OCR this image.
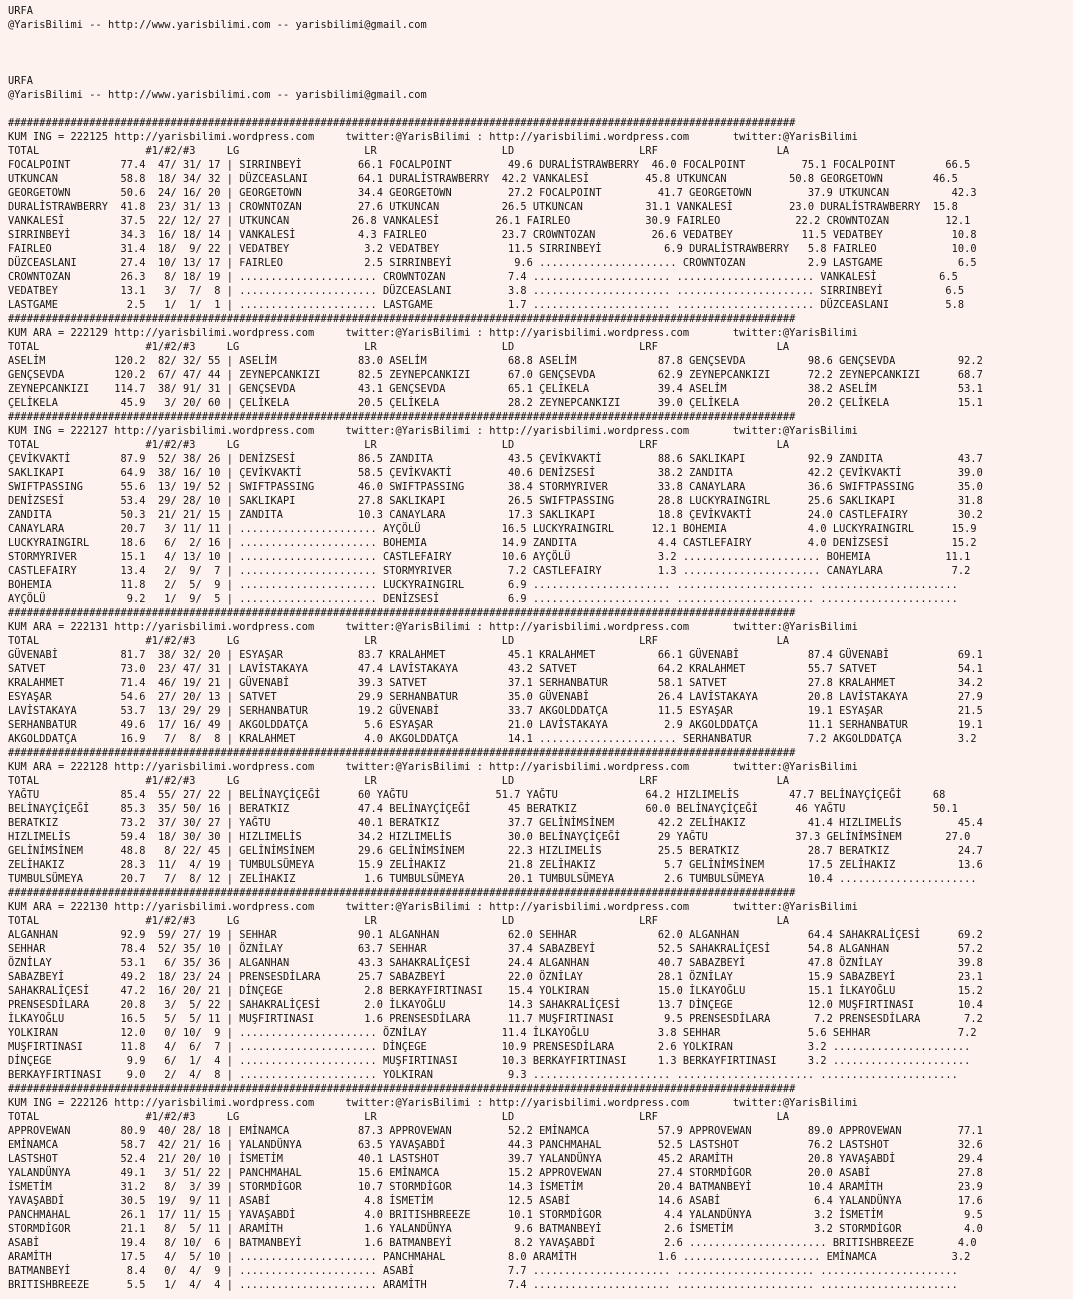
URFA
@YarisBilimi -- http://www.yarisbilimi.com -- yarisbilimi@gmail.com
URFA
@YarisBilimi -- http://www.yarisbilimi.com -- yarisbilimi@gmail.com
##############################################################################################################################
KUM ING = 222125 http://yarisbilimi.wordpress.com     twitter:@YarisBilimi : http://yarisbilimi.wordpress.com       twitter:@YarisBilimi
TOTAL                 #1/#2/#3     LG                    LR                    LD                    LRF                   LA
FOCALPOINT        77.4  47/ 31/ 17 | SIRRINBEYİ         66.1 FOCALPOINT         49.6 DURALİSTRAWBERRY  46.0 FOCALPOINT         75.1 FOCALPOINT        66.5
UTKUNCAN          58.8  18/ 34/ 32 | DÜZCEASLANI        64.1 DURALİSTRAWBERRY  42.2 VANKALESİ         45.8 UTKUNCAN          50.8 GEORGETOWN        46.5
GEORGETOWN        50.6  24/ 16/ 20 | GEORGETOWN         34.4 GEORGETOWN         27.2 FOCALPOINT         41.7 GEORGETOWN         37.9 UTKUNCAN          42.3
DURALİSTRAWBERRY  41.8  23/ 31/ 13 | CROWNTOZAN         27.6 UTKUNCAN          26.5 UTKUNCAN          31.1 VANKALESİ         23.0 DURALİSTRAWBERRY  15.8
VANKALESİ         37.5  22/ 12/ 27 | UTKUNCAN          26.8 VANKALESİ         26.1 FAIRLEO            30.9 FAIRLEO            22.2 CROWNTOZAN         12.1
SIRRINBEYİ        34.3  16/ 18/ 14 | VANKALESİ          4.3 FAIRLEO            23.7 CROWNTOZAN         26.6 VEDATBEY           11.5 VEDATBEY           10.8
FAIRLEO           31.4  18/  9/ 22 | VEDATBEY            3.2 VEDATBEY           11.5 SIRRINBEYİ          6.9 DURALİSTRAWBERRY   5.8 FAIRLEO            10.0
DÜZCEASLANI       27.4  10/ 13/ 17 | FAIRLEO             2.5 SIRRINBEYİ          9.6 ...................... CROWNTOZAN          2.9 LASTGAME            6.5
CROWNTOZAN        26.3   8/ 18/ 19 | ...................... CROWNTOZAN          7.4 ...................... ...................... VANKALESİ          6.5
VEDATBEY          13.1   3/  7/  8 | ...................... DÜZCEASLANI         3.8 ...................... ...................... SIRRINBEYİ          6.5
LASTGAME           2.5   1/  1/  1 | ...................... LASTGAME            1.7 ...................... ...................... DÜZCEASLANI         5.8
##############################################################################################################################
KUM ARA = 222129 http://yarisbilimi.wordpress.com     twitter:@YarisBilimi : http://yarisbilimi.wordpress.com       twitter:@YarisBilimi
TOTAL                 #1/#2/#3     LG                    LR                    LD                    LRF                   LA
ASELİM           120.2  82/ 32/ 55 | ASELİM             83.0 ASELİM             68.8 ASELİM             87.8 GENÇSEVDA          98.6 GENÇSEVDA          92.2
GENÇSEVDA        120.2  67/ 47/ 44 | ZEYNEPCANKIZI      82.5 ZEYNEPCANKIZI      67.0 GENÇSEVDA          62.9 ZEYNEPCANKIZI      72.2 ZEYNEPCANKIZI      68.7
ZEYNEPCANKIZI    114.7  38/ 91/ 31 | GENÇSEVDA          43.1 GENÇSEVDA          65.1 ÇELİKELA           39.4 ASELİM             38.2 ASELİM             53.1
ÇELİKELA          45.9   3/ 20/ 60 | ÇELİKELA           20.5 ÇELİKELA           28.2 ZEYNEPCANKIZI      39.0 ÇELİKELA           20.2 ÇELİKELA           15.1
##############################################################################################################################
KUM ING = 222127 http://yarisbilimi.wordpress.com     twitter:@YarisBilimi : http://yarisbilimi.wordpress.com       twitter:@YarisBilimi
TOTAL                 #1/#2/#3     LG                    LR                    LD                    LRF                   LA
ÇEVİKVAKTİ        87.9  52/ 38/ 26 | DENİZSESİ          86.5 ZANDITA            43.5 ÇEVİKVAKTİ         88.6 SAKLIKAPI          92.9 ZANDITA            43.7
SAKLIKAPI         64.9  38/ 16/ 10 | ÇEVİKVAKTİ         58.5 ÇEVİKVAKTİ         40.6 DENİZSESİ          38.2 ZANDITA            42.2 ÇEVİKVAKTİ         39.0
SWIFTPASSING      55.6  13/ 19/ 52 | SWIFTPASSING       46.0 SWIFTPASSING       38.4 STORMYRIVER        33.8 CANAYLARA          36.6 SWIFTPASSING       35.0
DENİZSESİ         53.4  29/ 28/ 10 | SAKLIKAPI          27.8 SAKLIKAPI          26.5 SWIFTPASSING       28.8 LUCKYRAINGIRL      25.6 SAKLIKAPI          31.8
ZANDITA           50.3  21/ 21/ 15 | ZANDITA            10.3 CANAYLARA          17.3 SAKLIKAPI          18.8 ÇEVİKVAKTİ         24.0 CASTLEFAIRY        30.2
CANAYLARA         20.7   3/ 11/ 11 | ...................... AYÇÖLÜ             16.5 LUCKYRAINGIRL      12.1 BOHEMIA             4.0 LUCKYRAINGIRL      15.9
LUCKYRAINGIRL     18.6   6/  2/ 16 | ...................... BOHEMIA            14.9 ZANDITA             4.4 CASTLEFAIRY         4.0 DENİZSESİ          15.2
STORMYRIVER       15.1   4/ 13/ 10 | ...................... CASTLEFAIRY        10.6 AYÇÖLÜ              3.2 ...................... BOHEMIA            11.1
CASTLEFAIRY       13.4   2/  9/  7 | ...................... STORMYRIVER         7.2 CASTLEFAIRY         1.3 ...................... CANAYLARA           7.2
BOHEMIA           11.8   2/  5/  9 | ...................... LUCKYRAINGIRL       6.9 ...................... ...................... ......................
AYÇÖLÜ             9.2   1/  9/  5 | ...................... DENİZSESİ           6.9 ...................... ...................... ......................
##############################################################################################################################
KUM ARA = 222131 http://yarisbilimi.wordpress.com     twitter:@YarisBilimi : http://yarisbilimi.wordpress.com       twitter:@YarisBilimi
TOTAL                 #1/#2/#3     LG                    LR                    LD                    LRF                   LA
GÜVENABİ          81.7  38/ 32/ 20 | ESYAŞAR            83.7 KRALAHMET          45.1 KRALAHMET          66.1 GÜVENABİ           87.4 GÜVENABİ           69.1
SATVET            73.0  23/ 47/ 31 | LAVİSTAKAYA        47.4 LAVİSTAKAYA        43.2 SATVET             64.2 KRALAHMET          55.7 SATVET             54.1
KRALAHMET         71.4  46/ 19/ 21 | GÜVENABİ           39.3 SATVET             37.1 SERHANBATUR        58.1 SATVET             27.8 KRALAHMET          34.2
ESYAŞAR           54.6  27/ 20/ 13 | SATVET             29.9 SERHANBATUR        35.0 GÜVENABİ           26.4 LAVİSTAKAYA        20.8 LAVİSTAKAYA        27.9
LAVİSTAKAYA       53.7  13/ 29/ 29 | SERHANBATUR        19.2 GÜVENABİ           33.7 AKGOLDDATÇA        11.5 ESYAŞAR            19.1 ESYAŞAR            21.5
SERHANBATUR       49.6  17/ 16/ 49 | AKGOLDDATÇA         5.6 ESYAŞAR            21.0 LAVİSTAKAYA         2.9 AKGOLDDATÇA        11.1 SERHANBATUR        19.1
AKGOLDDATÇA       16.9   7/  8/  8 | KRALAHMET           4.0 AKGOLDDATÇA        14.1 ...................... SERHANBATUR         7.2 AKGOLDDATÇA         3.2
##############################################################################################################################
KUM ARA = 222128 http://yarisbilimi.wordpress.com     twitter:@YarisBilimi : http://yarisbilimi.wordpress.com       twitter:@YarisBilimi
TOTAL                 #1/#2/#3     LG                    LR                    LD                    LRF                   LA
YAĞTU             85.4  55/ 27/ 22 | BELİNAYÇİÇEĞİ      60 YAĞTU              51.7 YAĞTU              64.2 HIZLIMELİS        47.7 BELİNAYÇİÇEĞİ     68
BELİNAYÇİÇEĞİ     85.3  35/ 50/ 16 | BERATKIZ           47.4 BELİNAYÇİÇEĞİ      45 BERATKIZ           60.0 BELİNAYÇİÇEĞİ      46 YAĞTU              50.1
BERATKIZ          73.2  37/ 30/ 27 | YAĞTU              40.1 BERATKIZ           37.7 GELİNİMSİNEM       42.2 ZELİHAKIZ          41.4 HIZLIMELİS         45.4
HIZLIMELİS        59.4  18/ 30/ 30 | HIZLIMELİS         34.2 HIZLIMELİS         30.0 BELİNAYÇİÇEĞİ      29 YAĞTU              37.3 GELİNİMSİNEM       27.0
GELİNİMSİNEM      48.8   8/ 22/ 45 | GELİNİMSİNEM       29.6 GELİNİMSİNEM       22.3 HIZLIMELİS         25.5 BERATKIZ           28.7 BERATKIZ           24.7
ZELİHAKIZ         28.3  11/  4/ 19 | TUMBULSÜMEYA       15.9 ZELİHAKIZ          21.8 ZELİHAKIZ           5.7 GELİNİMSİNEM       17.5 ZELİHAKIZ          13.6
TUMBULSÜMEYA      20.7   7/  8/ 12 | ZELİHAKIZ           1.6 TUMBULSÜMEYA       20.1 TUMBULSÜMEYA        2.6 TUMBULSÜMEYA       10.4 ......................
##############################################################################################################################
KUM ARA = 222130 http://yarisbilimi.wordpress.com     twitter:@YarisBilimi : http://yarisbilimi.wordpress.com       twitter:@YarisBilimi
TOTAL                 #1/#2/#3     LG                    LR                    LD                    LRF                   LA
ALGANHAN          92.9  59/ 27/ 19 | SEHHAR             90.1 ALGANHAN           62.0 SEHHAR             62.0 ALGANHAN           64.4 SAHAKRALİÇESİ      69.2
SEHHAR            78.4  52/ 35/ 10 | ÖZNİLAY            63.7 SEHHAR             37.4 SABAZBEYİ          52.5 SAHAKRALİÇESİ      54.8 ALGANHAN           57.2
ÖZNİLAY           53.1   6/ 35/ 36 | ALGANHAN           43.3 SAHAKRALİÇESİ      24.4 ALGANHAN           40.7 SABAZBEYİ          47.8 ÖZNİLAY            39.8
SABAZBEYİ         49.2  18/ 23/ 24 | PRENSESDİLARA      25.7 SABAZBEYİ          22.0 ÖZNİLAY            28.1 ÖZNİLAY            15.9 SABAZBEYİ          23.1
SAHAKRALİÇESİ     47.2  16/ 20/ 21 | DİNÇEGE             2.8 BERKAYFIRTINASI    15.4 YOLKIRAN           15.0 İLKAYOĞLU          15.1 İLKAYOĞLU          15.2
PRENSESDİLARA     20.8   3/  5/ 22 | SAHAKRALİÇESİ       2.0 İLKAYOĞLU          14.3 SAHAKRALİÇESİ      13.7 DİNÇEGE            12.0 MUŞFIRTINASI       10.4
İLKAYOĞLU         16.5   5/  5/ 11 | MUŞFIRTINASI        1.6 PRENSESDİLARA      11.7 MUŞFIRTINASI        9.5 PRENSESDİLARA       7.2 PRENSESDİLARA       7.2
YOLKIRAN          12.0   0/ 10/  9 | ...................... ÖZNİLAY            11.4 İLKAYOĞLU           3.8 SEHHAR              5.6 SEHHAR              7.2
MUŞFIRTINASI      11.8   4/  6/  7 | ...................... DİNÇEGE            10.9 PRENSESDİLARA       2.6 YOLKIRAN            3.2 ......................
DİNÇEGE            9.9   6/  1/  4 | ...................... MUŞFIRTINASI       10.3 BERKAYFIRTINASI     1.3 BERKAYFIRTINASI     3.2 ......................
BERKAYFIRTINASI    9.0   2/  4/  8 | ...................... YOLKIRAN            9.3 ...................... ...................... ......................
##############################################################################################################################
KUM ING = 222126 http://yarisbilimi.wordpress.com     twitter:@YarisBilimi : http://yarisbilimi.wordpress.com       twitter:@YarisBilimi
TOTAL                 #1/#2/#3     LG                    LR                    LD                    LRF                   LA
APPROVEWAN        80.9  40/ 28/ 18 | EMİNAMCA           87.3 APPROVEWAN         52.2 EMİNAMCA           57.9 APPROVEWAN         89.0 APPROVEWAN         77.1
EMİNAMCA          58.7  42/ 21/ 16 | YALANDÜNYA         63.5 YAVAŞABDİ          44.3 PANCHMAHAL         52.5 LASTSHOT           76.2 LASTSHOT           32.6
LASTSHOT          52.4  21/ 20/ 10 | İSMETİM            40.1 LASTSHOT           39.7 YALANDÜNYA         45.2 ARAMİTH            20.8 YAVAŞABDİ          29.4
YALANDÜNYA        49.1   3/ 51/ 22 | PANCHMAHAL         15.6 EMİNAMCA           15.2 APPROVEWAN         27.4 STORMDİGOR         20.0 ASABİ              27.8
İSMETİM           31.2   8/  3/ 39 | STORMDİGOR         10.7 STORMDİGOR         14.3 İSMETİM            20.4 BATMANBEYİ         10.4 ARAMİTH            23.9
YAVAŞABDİ         30.5  19/  9/ 11 | ASABİ               4.8 İSMETİM            12.5 ASABİ              14.6 ASABİ               6.4 YALANDÜNYA         17.6
PANCHMAHAL        26.1  17/ 11/ 15 | YAVAŞABDİ           4.0 BRITISHBREEZE      10.1 STORMDİGOR          4.4 YALANDÜNYA          3.2 İSMETİM             9.5
STORMDİGOR        21.1   8/  5/ 11 | ARAMİTH             1.6 YALANDÜNYA          9.6 BATMANBEYİ          2.6 İSMETİM             3.2 STORMDİGOR          4.0
ASABİ             19.4   8/ 10/  6 | BATMANBEYİ          1.6 BATMANBEYİ          8.2 YAVAŞABDİ           2.6 ...................... BRITISHBREEZE       4.0
ARAMİTH           17.5   4/  5/ 10 | ...................... PANCHMAHAL          8.0 ARAMİTH             1.6 ...................... EMİNAMCA            3.2
BATMANBEYİ         8.4   0/  4/  9 | ...................... ASABİ               7.7 ...................... ...................... ......................
BRITISHBREEZE      5.5   1/  4/  4 | ...................... ARAMİTH             7.4 ...................... ...................... ......................
